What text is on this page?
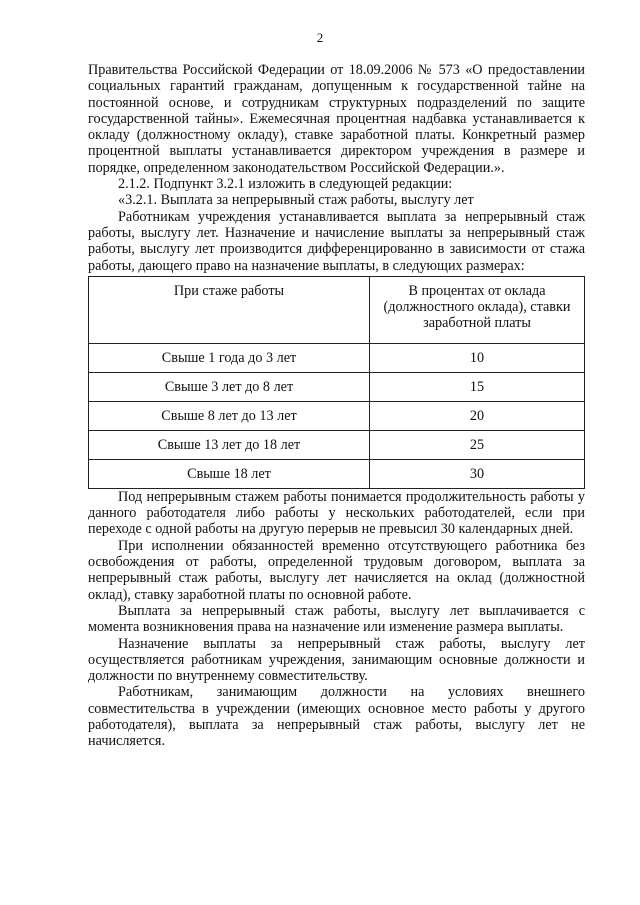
2

Правительства Российской Федерации от 18.09.2006 № 573 «О предоставлении социальных гарантий гражданам, допущенным к государственной тайне на постоянной основе, и сотрудникам структурных подразделений по защите государственной тайны». Ежемесячная процентная надбавка устанавливается к окладу (должностному окладу), ставке заработной платы. Конкретный размер процентной выплаты устанавливается директором учреждения в размере и порядке, определенном законодательством Российской Федерации.».

2.1.2. Подпункт 3.2.1 изложить в следующей редакции:

«3.2.1. Выплата за непрерывный стаж работы, выслугу лет

Работникам учреждения устанавливается выплата за непрерывный стаж работы, выслугу лет. Назначение и начисление выплаты за непрерывный стаж работы, выслугу лет производится дифференцированно в зависимости от стажа работы, дающего право на назначение выплаты, в следующих размерах:

При стаже работы	В процентах от оклада (должностного оклада), ставки заработной платы
Свыше 1 года до 3 лет	10
Свыше 3 лет до 8 лет	15
Свыше 8 лет до 13 лет	20
Свыше 13 лет до 18 лет	25
Свыше 18 лет	30

Под непрерывным стажем работы понимается продолжительность работы у данного работодателя либо работы у нескольких работодателей, если при переходе с одной работы на другую перерыв не превысил 30 календарных дней.

При исполнении обязанностей временно отсутствующего работника без освобождения от работы, определенной трудовым договором, выплата за непрерывный стаж работы, выслугу лет начисляется на оклад (должностной оклад), ставку заработной платы по основной работе.

Выплата за непрерывный стаж работы, выслугу лет выплачивается с момента возникновения права на назначение или изменение размера выплаты.

Назначение выплаты за непрерывный стаж работы, выслугу лет осуществляется работникам учреждения, занимающим основные должности и должности по внутреннему совместительству.

Работникам, занимающим должности на условиях внешнего совместительства в учреждении (имеющих основное место работы у другого работодателя), выплата за непрерывный стаж работы, выслугу лет не начисляется.
